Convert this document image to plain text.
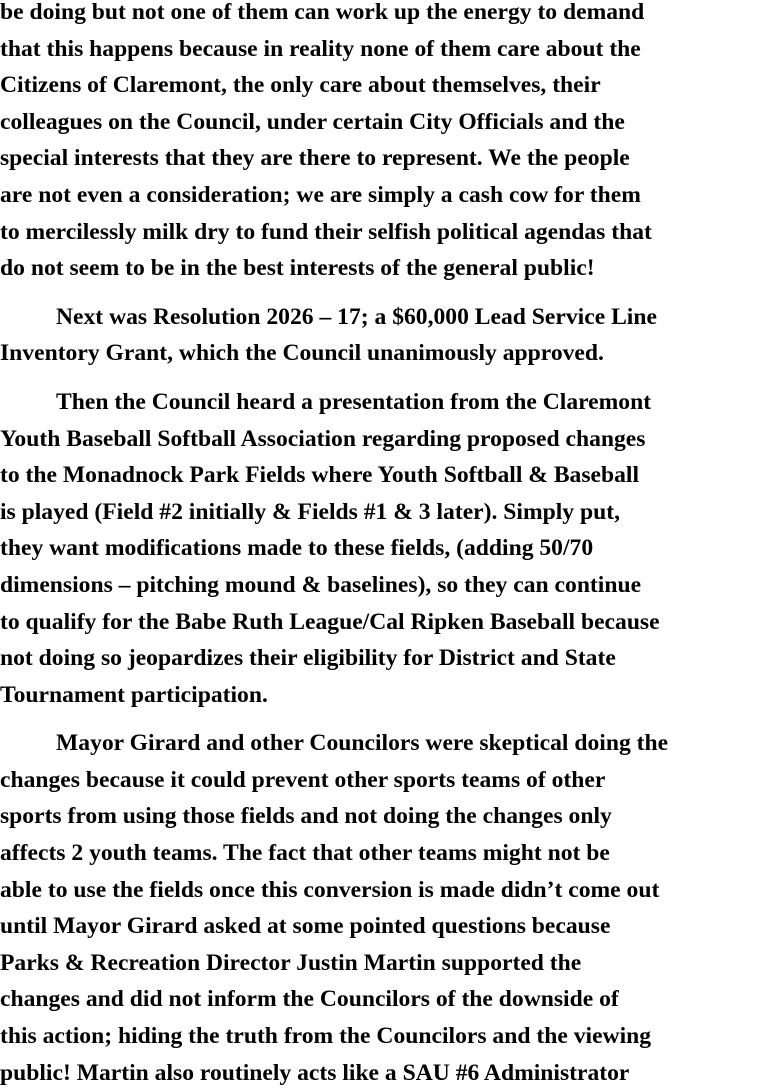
be doing but not one of them can work up the energy to demand
that this happens because in reality none of them care about the
Citizens of Claremont, the only care about themselves, their
colleagues on the Council, under certain City Officials and the
special interests that they are there to represent. We the people
are not even a consideration; we are simply a cash cow for them
to mercilessly milk dry to fund their selfish political agendas that
do not seem to be in the best interests of the general public!
Next was Resolution 2026 – 17; a $60,000 Lead Service Line
Inventory Grant, which the Council unanimously approved.
Then the Council heard a presentation from the Claremont
Youth Baseball Softball Association regarding proposed changes
to the Monadnock Park Fields where Youth Softball & Baseball
is played (Field #2 initially & Fields #1 & 3 later). Simply put,
they want modifications made to these fields, (adding 50/70
dimensions – pitching mound & baselines), so they can continue
to qualify for the Babe Ruth League/Cal Ripken Baseball because
not doing so jeopardizes their eligibility for District and State
Tournament participation.
Mayor Girard and other Councilors were skeptical doing the
changes because it could prevent other sports teams of other
sports from using those fields and not doing the changes only
affects 2 youth teams. The fact that other teams might not be
able to use the fields once this conversion is made didn’t come out
until Mayor Girard asked at some pointed questions because
Parks & Recreation Director Justin Martin supported the
changes and did not inform the Councilors of the downside of
this action; hiding the truth from the Councilors and the viewing
public! Martin also routinely acts like a SAU #6 Administrator
